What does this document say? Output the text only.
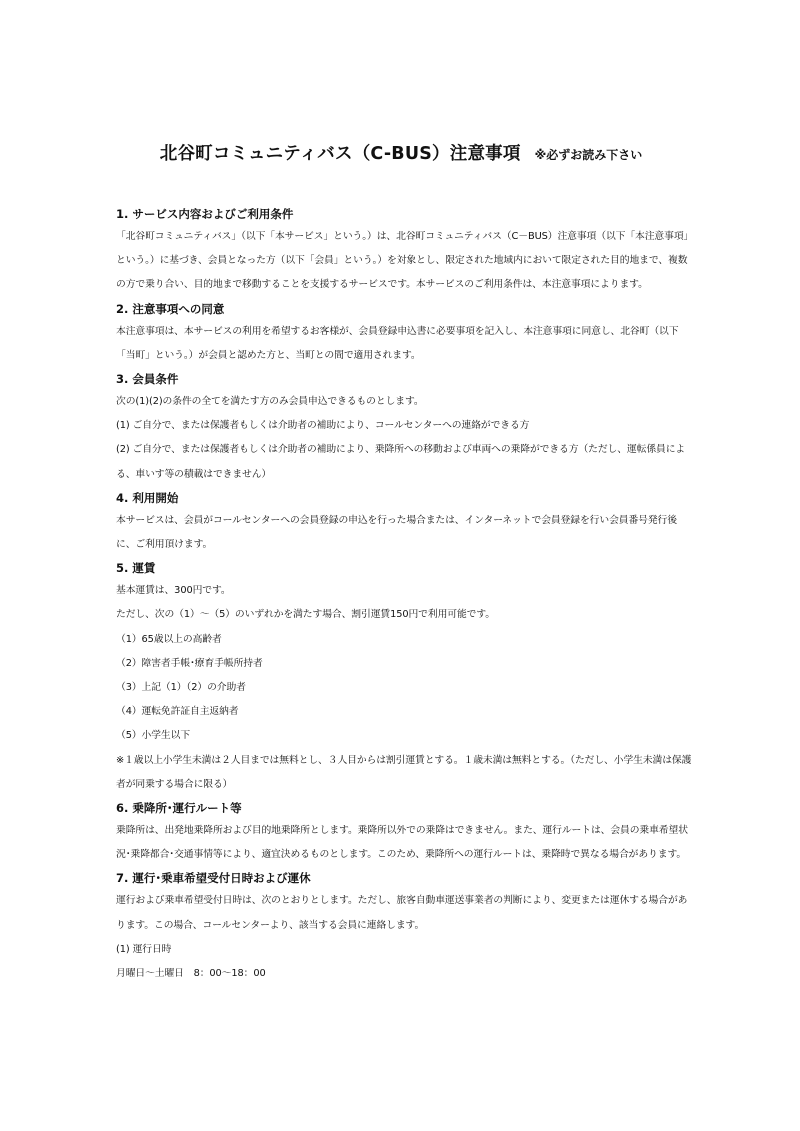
北谷町コミュニティバス（C-BUS）注意事項 ※必ずお読み下さい
1. サービス内容およびご利用条件

「北谷町コミュニティバス」（以下「本サービス」という。）は、北谷町コミュニティバス（C－BUS）注意事項（以下「本注意事項」という。）に基づき、会員となった方（以下「会員」という。）を対象とし、限定された地域内において限定された目的地まで、複数の方で乗り合い、目的地まで移動することを支援するサービスです。本サービスのご利用条件は、本注意事項によります。

2. 注意事項への同意

本注意事項は、本サービスの利用を希望するお客様が、会員登録申込書に必要事項を記入し、本注意事項に同意し、北谷町（以下「当町」という。）が会員と認めた方と、当町との間で適用されます。

3. 会員条件

次の(1)(2)の条件の全てを満たす方のみ会員申込できるものとします。

(1) ご自分で、または保護者もしくは介助者の補助により、コールセンターへの連絡ができる方

(2) ご自分で、または保護者もしくは介助者の補助により、乗降所への移動および車両への乗降ができる方（ただし、運転係員による、車いす等の積載はできません）

4. 利用開始

本サービスは、会員がコールセンターへの会員登録の申込を行った場合または、インターネットで会員登録を行い会員番号発行後に、ご利用頂けます。

5. 運賃

基本運賃は、300円です。

ただし、次の（1）～（5）のいずれかを満たす場合、割引運賃150円で利用可能です。

（1）65歳以上の高齢者

（2）障害者手帳･療育手帳所持者

（3）上記（1）（2）の介助者

（4）運転免許証自主返納者

（5）小学生以下

※１歳以上小学生未満は２人目までは無料とし、３人目からは割引運賃とする。１歳未満は無料とする。（ただし、小学生未満は保護者が同乗する場合に限る）

6. 乗降所･運行ルート等

乗降所は、出発地乗降所および目的地乗降所とします。乗降所以外での乗降はできません。また、運行ルートは、会員の乗車希望状況･乗降都合･交通事情等により、適宜決めるものとします。このため、乗降所への運行ルートは、乗降時で異なる場合があります。

7. 運行･乗車希望受付日時および運休

運行および乗車希望受付日時は、次のとおりとします。ただし、旅客自動車運送事業者の判断により、変更または運休する場合があります。この場合、コールセンターより、該当する会員に連絡します。

(1) 運行日時

月曜日～土曜日　8：00～18：00
